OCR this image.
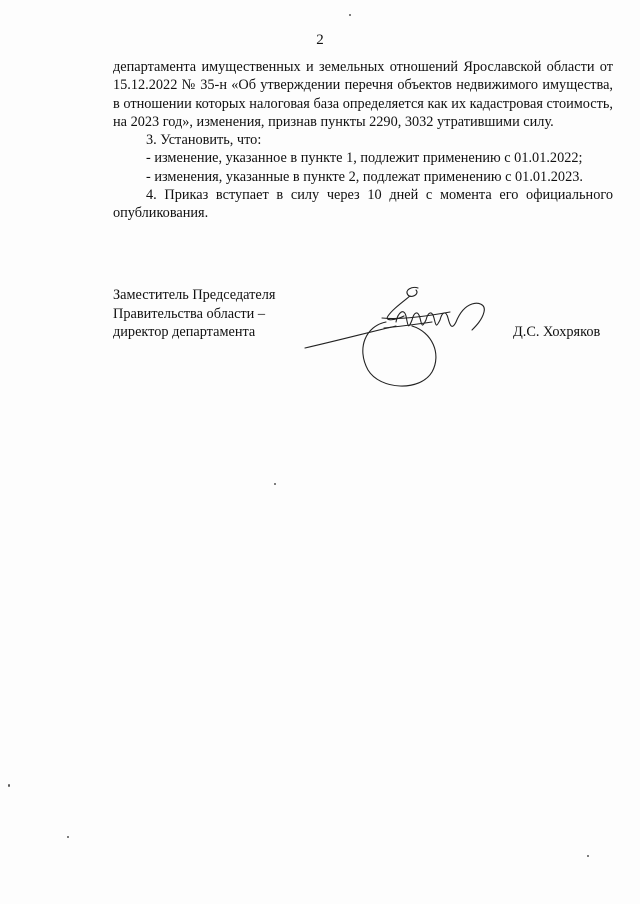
2

департамента имущественных и земельных отношений Ярославской области от 15.12.2022 № 35-н «Об утверждении перечня объектов недвижимого имущества, в отношении которых налоговая база определяется как их кадастровая стоимость, на 2023 год», изменения, признав пункты 2290, 3032 утратившими силу.

3. Установить, что:

- изменение, указанное в пункте 1, подлежит применению с 01.01.2022;

- изменения, указанные в пункте 2, подлежат применению с 01.01.2023.

4. Приказ вступает в силу через 10 дней с момента его официального опубликования.

Заместитель Председателя
Правительства области –
директор департамента	Д.С. Хохряков
